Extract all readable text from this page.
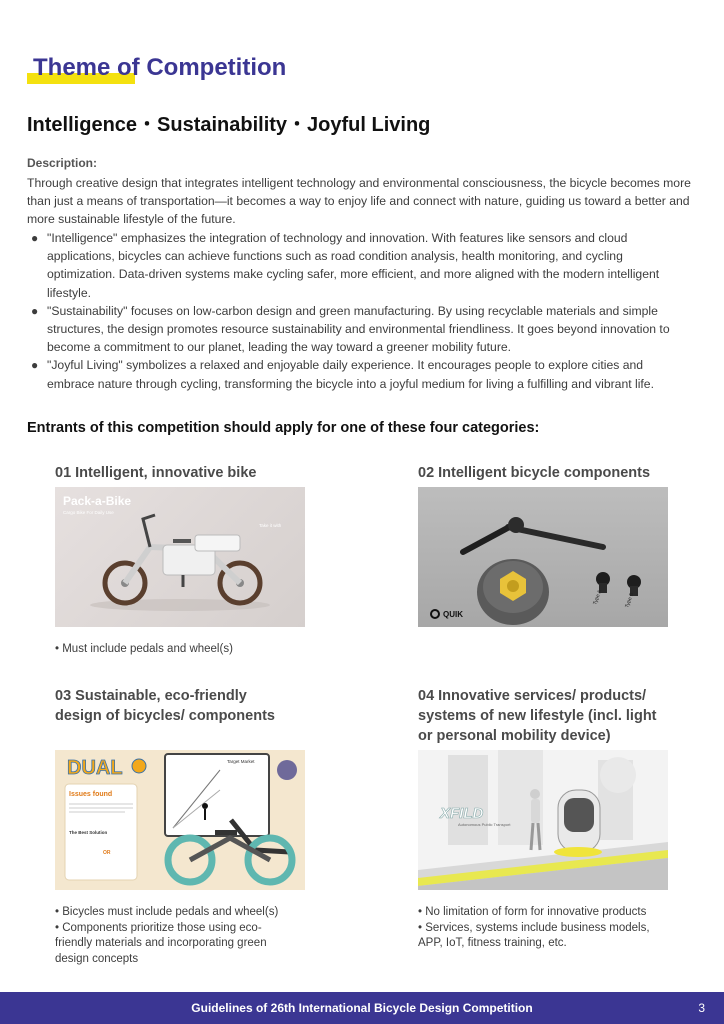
Theme of Competition
Intelligence・Sustainability・Joyful Living
Description:
Through creative design that integrates intelligent technology and environmental consciousness, the bicycle becomes more than just a means of transportation—it becomes a way to enjoy life and connect with nature, guiding us toward a better and more sustainable lifestyle of the future.
● "Intelligence" emphasizes the integration of technology and innovation. With features like sensors and cloud applications, bicycles can achieve functions such as road condition analysis, health monitoring, and cycling optimization. Data-driven systems make cycling safer, more efficient, and more aligned with the modern intelligent lifestyle.
● "Sustainability" focuses on low-carbon design and green manufacturing. By using recyclable materials and simple structures, the design promotes resource sustainability and environmental friendliness. It goes beyond innovation to become a commitment to our planet, leading the way toward a greener mobility future.
● "Joyful Living" symbolizes a relaxed and enjoyable daily experience. It encourages people to explore cities and embrace nature through cycling, transforming the bicycle into a joyful medium for living a fulfilling and vibrant life.
Entrants of this competition should apply for one of these four categories:
01 Intelligent, innovative bike
Pack-a-Bike
Cargo Bike For Daily Use
Take it with
• Must include pedals and wheel(s)
02 Intelligent bicycle components
Type A	Type B
QUIK
03 Sustainable, eco-friendly
design of bicycles/ components
DUAL
Issues found
The Best Solution
OR
Target Market
• Bicycles must include pedals and wheel(s)
• Components prioritize those using eco-
friendly materials and incorporating green
design concepts
04 Innovative services/ products/
systems of new lifestyle (incl. light
or personal mobility device)
XFILD
Autonomous Public Transport
• No limitation of form for innovative products
• Services, systems include business models,
APP, IoT, fitness training, etc.
Guidelines of 26th International Bicycle Design Competition	3
